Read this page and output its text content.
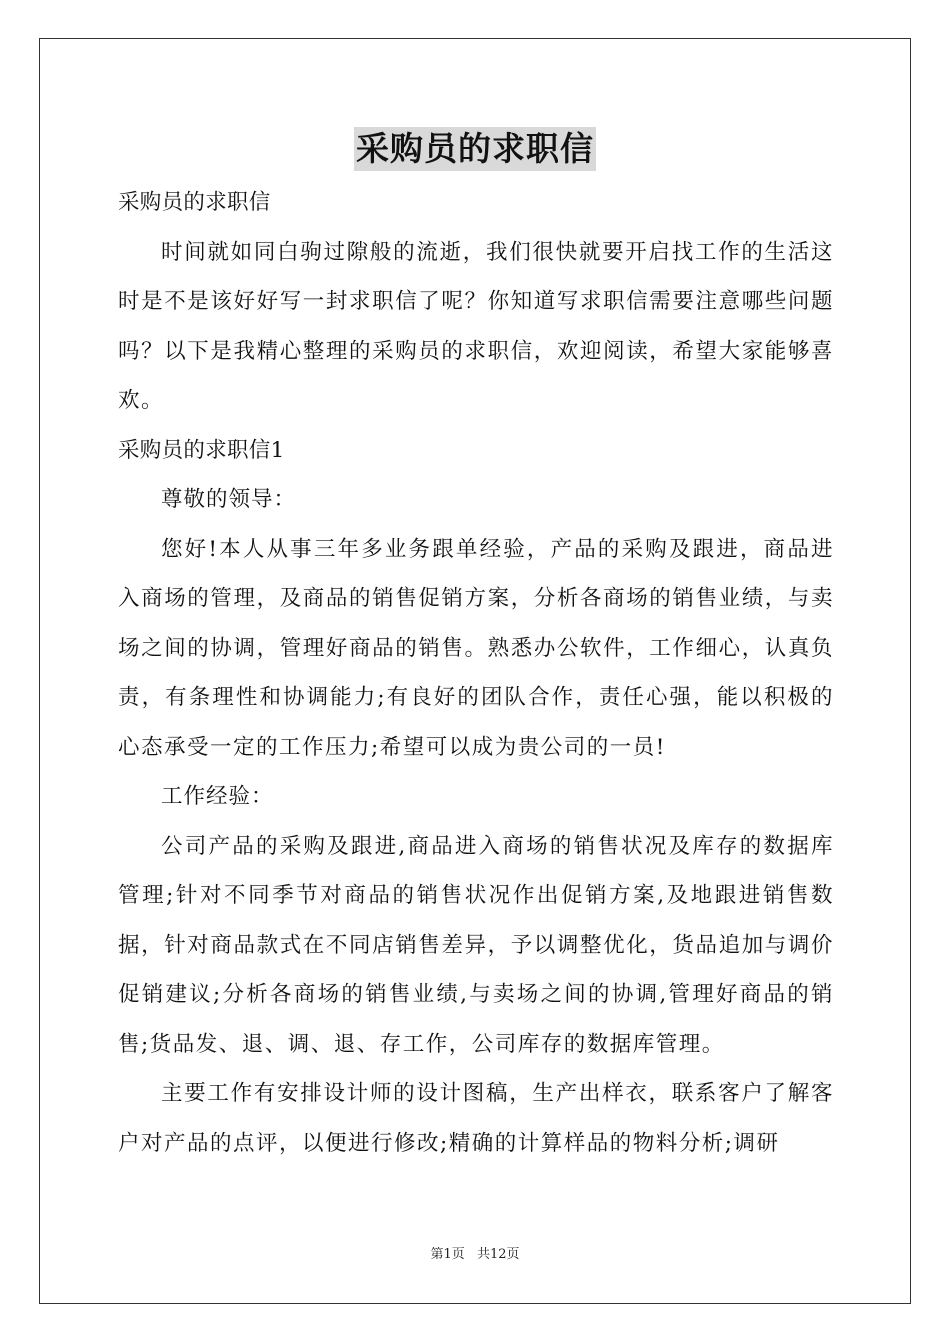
采购员的求职信
采购员的求职信

时间就如同白驹过隙般的流逝，我们很快就要开启找工作的生活这时是不是该好好写一封求职信了呢？你知道写求职信需要注意哪些问题吗？以下是我精心整理的采购员的求职信，欢迎阅读，希望大家能够喜欢。

采购员的求职信1
尊敬的领导：

您好!本人从事三年多业务跟单经验，产品的采购及跟进，商品进入商场的管理，及商品的销售促销方案，分析各商场的销售业绩，与卖场之间的协调，管理好商品的销售。熟悉办公软件，工作细心，认真负责，有条理性和协调能力;有良好的团队合作，责任心强，能以积极的心态承受一定的工作压力;希望可以成为贵公司的一员!

工作经验：

公司产品的采购及跟进,商品进入商场的销售状况及库存的数据库管理;针对不同季节对商品的销售状况作出促销方案,及地跟进销售数据，针对商品款式在不同店销售差异，予以调整优化，货品追加与调价促销建议;分析各商场的销售业绩,与卖场之间的协调,管理好商品的销售;货品发、退、调、退、存工作，公司库存的数据库管理。

主要工作有安排设计师的设计图稿，生产出样衣，联系客户了解客户对产品的点评，以便进行修改;精确的计算样品的物料分析;调研

第1页 共12页
